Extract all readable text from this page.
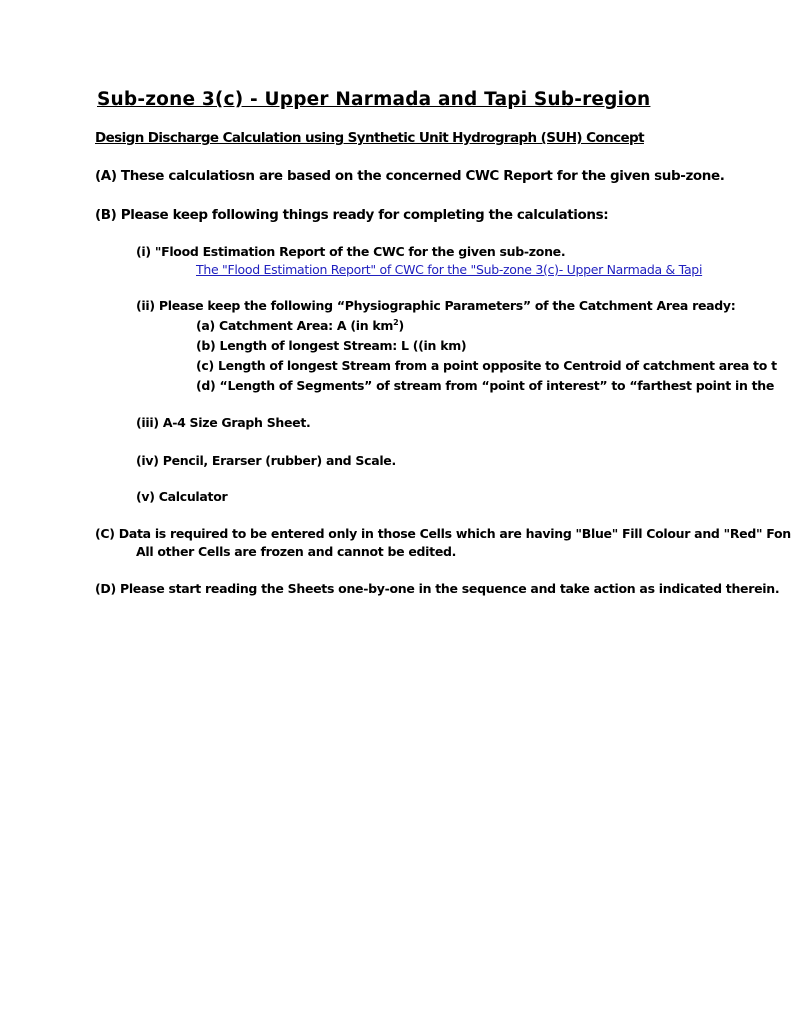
Sub-zone 3(c) - Upper Narmada and Tapi Sub-region
Design Discharge Calculation using Synthetic Unit Hydrograph (SUH) Concept
(A) These calculatiosn are based on the concerned CWC Report for the given sub-zone.
(B) Please keep following things ready for completing the calculations:
(i) "Flood Estimation Report of the CWC for the given sub-zone.
The "Flood Estimation Report" of CWC for the "Sub-zone 3(c)- Upper Narmada & Tapi
(ii) Please keep the following “Physiographic Parameters” of the Catchment Area ready:
(a) Catchment Area: A (in $km^2$)
(b) Length of longest Stream: L ((in km)
(c) Length of longest Stream from a point opposite to Centroid of catchment area to t
(d) “Length of Segments” of stream from “point of interest” to “farthest point in the
(iii) A-4 Size Graph Sheet.
(iv) Pencil, Erarser (rubber) and Scale.
(v) Calculator
(C) Data is required to be entered only in those Cells which are having "Blue" Fill Colour and "Red" Fon
All other Cells are frozen and cannot be edited.
(D) Please start reading the Sheets one-by-one in the sequence and take action as indicated therein.
